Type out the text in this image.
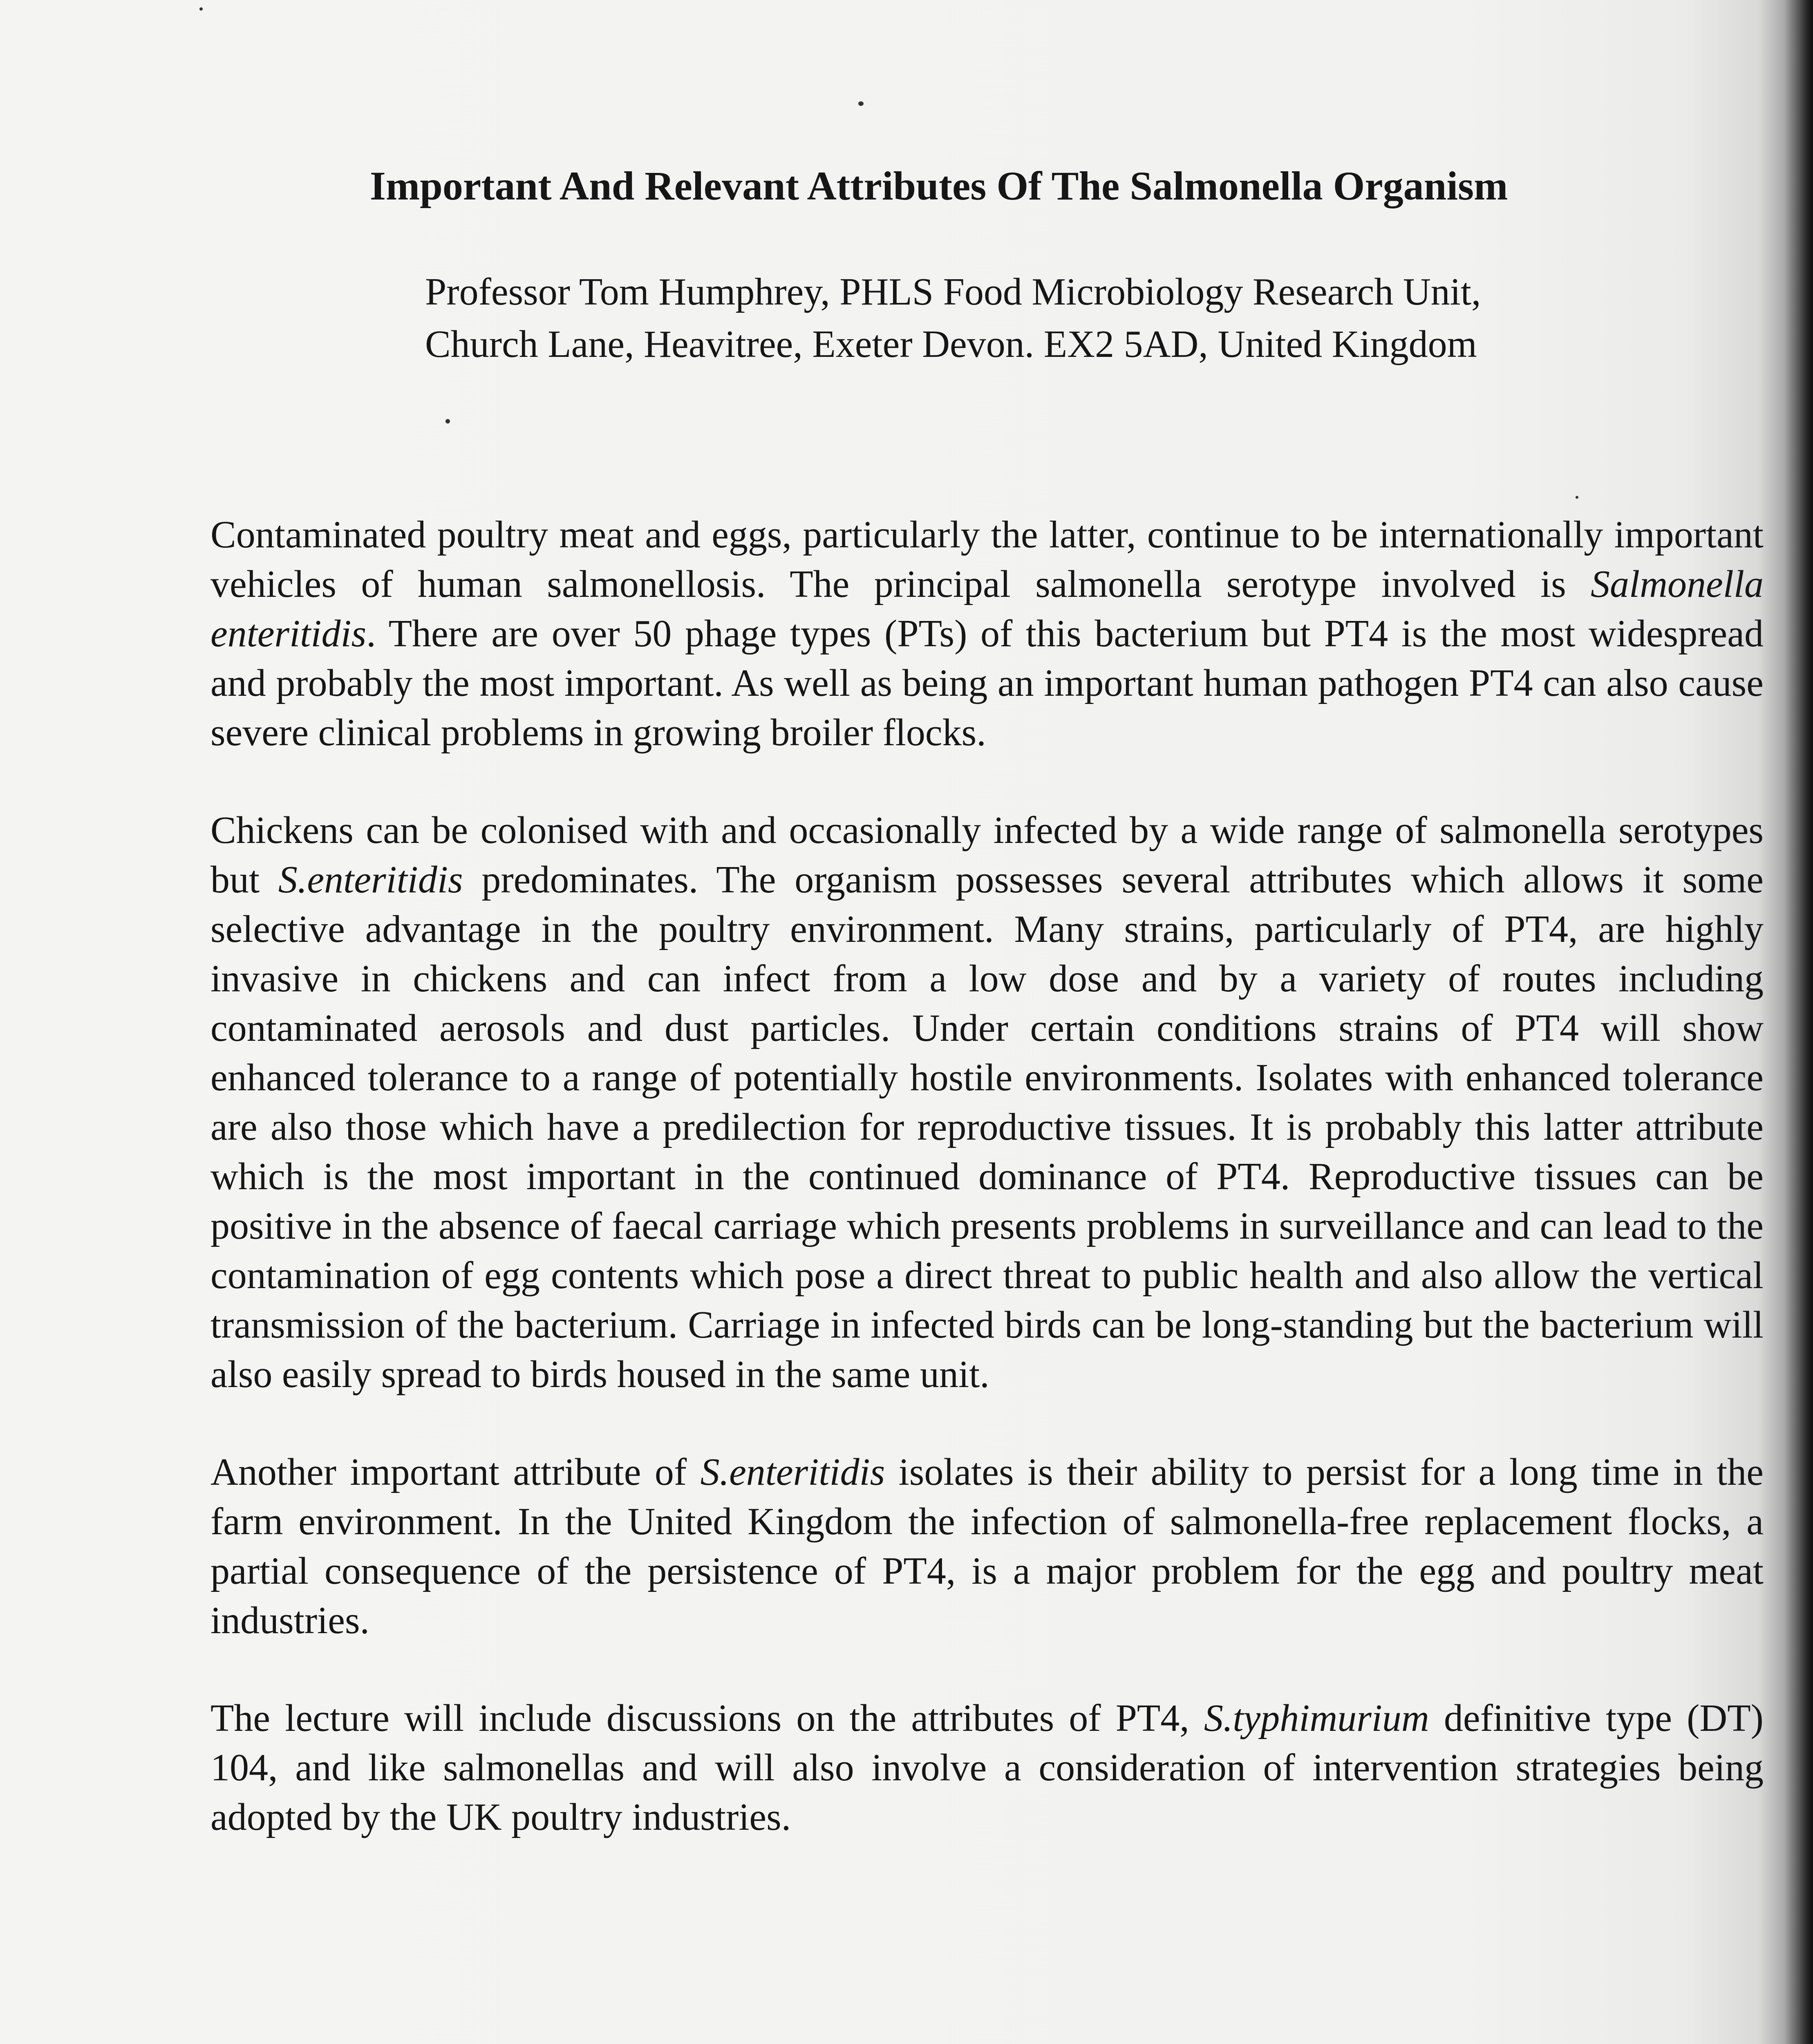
Important And Relevant Attributes Of The Salmonella Organism
Professor Tom Humphrey, PHLS Food Microbiology Research Unit,
Church Lane, Heavitree, Exeter Devon. EX2 5AD, United Kingdom

Contaminated poultry meat and eggs, particularly the latter, continue to be internationally important vehicles of human salmonellosis. The principal salmonella serotype involved is Salmonella enteritidis. There are over 50 phage types (PTs) of this bacterium but PT4 is the most widespread and probably the most important. As well as being an important human pathogen PT4 can also cause severe clinical problems in growing broiler flocks.

Chickens can be colonised with and occasionally infected by a wide range of salmonella serotypes but S.enteritidis predominates. The organism possesses several attributes which allows it some selective advantage in the poultry environment. Many strains, particularly of PT4, are highly invasive in chickens and can infect from a low dose and by a variety of routes including contaminated aerosols and dust particles. Under certain conditions strains of PT4 will show enhanced tolerance to a range of potentially hostile environments. Isolates with enhanced tolerance are also those which have a predilection for reproductive tissues. It is probably this latter attribute which is the most important in the continued dominance of PT4. Reproductive tissues can be positive in the absence of faecal carriage which presents problems in surveillance and can lead to the contamination of egg contents which pose a direct threat to public health and also allow the vertical transmission of the bacterium. Carriage in infected birds can be long-standing but the bacterium will also easily spread to birds housed in the same unit.

Another important attribute of S.enteritidis isolates is their ability to persist for a long time in the farm environment. In the United Kingdom the infection of salmonella-free replacement flocks, a partial consequence of the persistence of PT4, is a major problem for the egg and poultry meat industries.

The lecture will include discussions on the attributes of PT4, S.typhimurium definitive type (DT) 104, and like salmonellas and will also involve a consideration of intervention strategies being adopted by the UK poultry industries.
